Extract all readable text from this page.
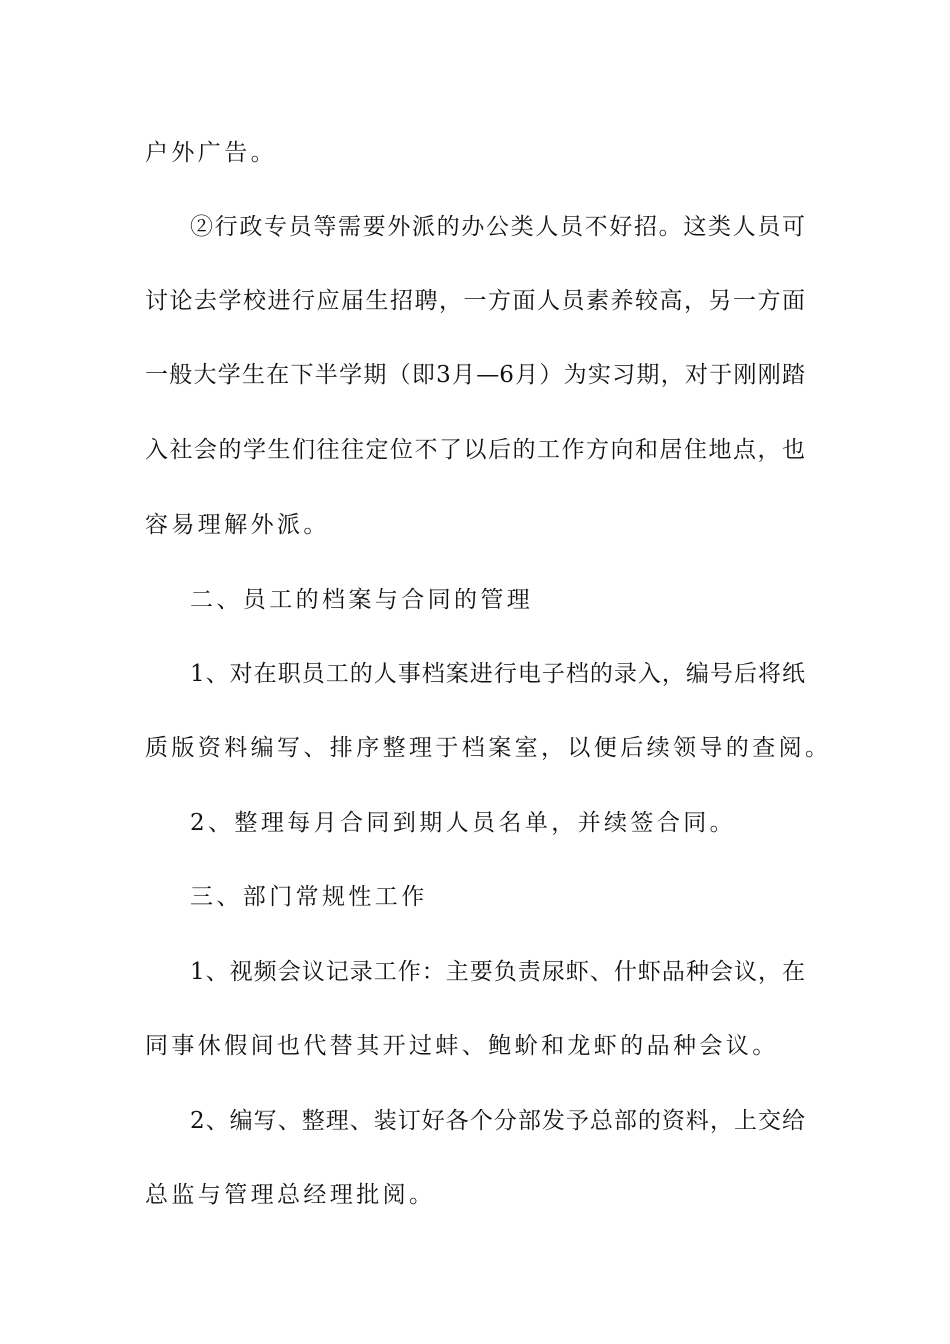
户外广告。
②行政专员等需要外派的办公类人员不好招。这类人员可
讨论去学校进行应届生招聘，一方面人员素养较高，另一方面
一般大学生在下半学期（即3月—6月）为实习期，对于刚刚踏
入社会的学生们往往定位不了以后的工作方向和居住地点，也
容易理解外派。
二、员工的档案与合同的管理
1、对在职员工的人事档案进行电子档的录入，编号后将纸
质版资料编写、排序整理于档案室，以便后续领导的查阅。
2、整理每月合同到期人员名单，并续签合同。
三、部门常规性工作
1、视频会议记录工作：主要负责尿虾、什虾品种会议，在
同事休假间也代替其开过蚌、鲍蚧和龙虾的品种会议。
2、编写、整理、装订好各个分部发予总部的资料，上交给
总监与管理总经理批阅。
